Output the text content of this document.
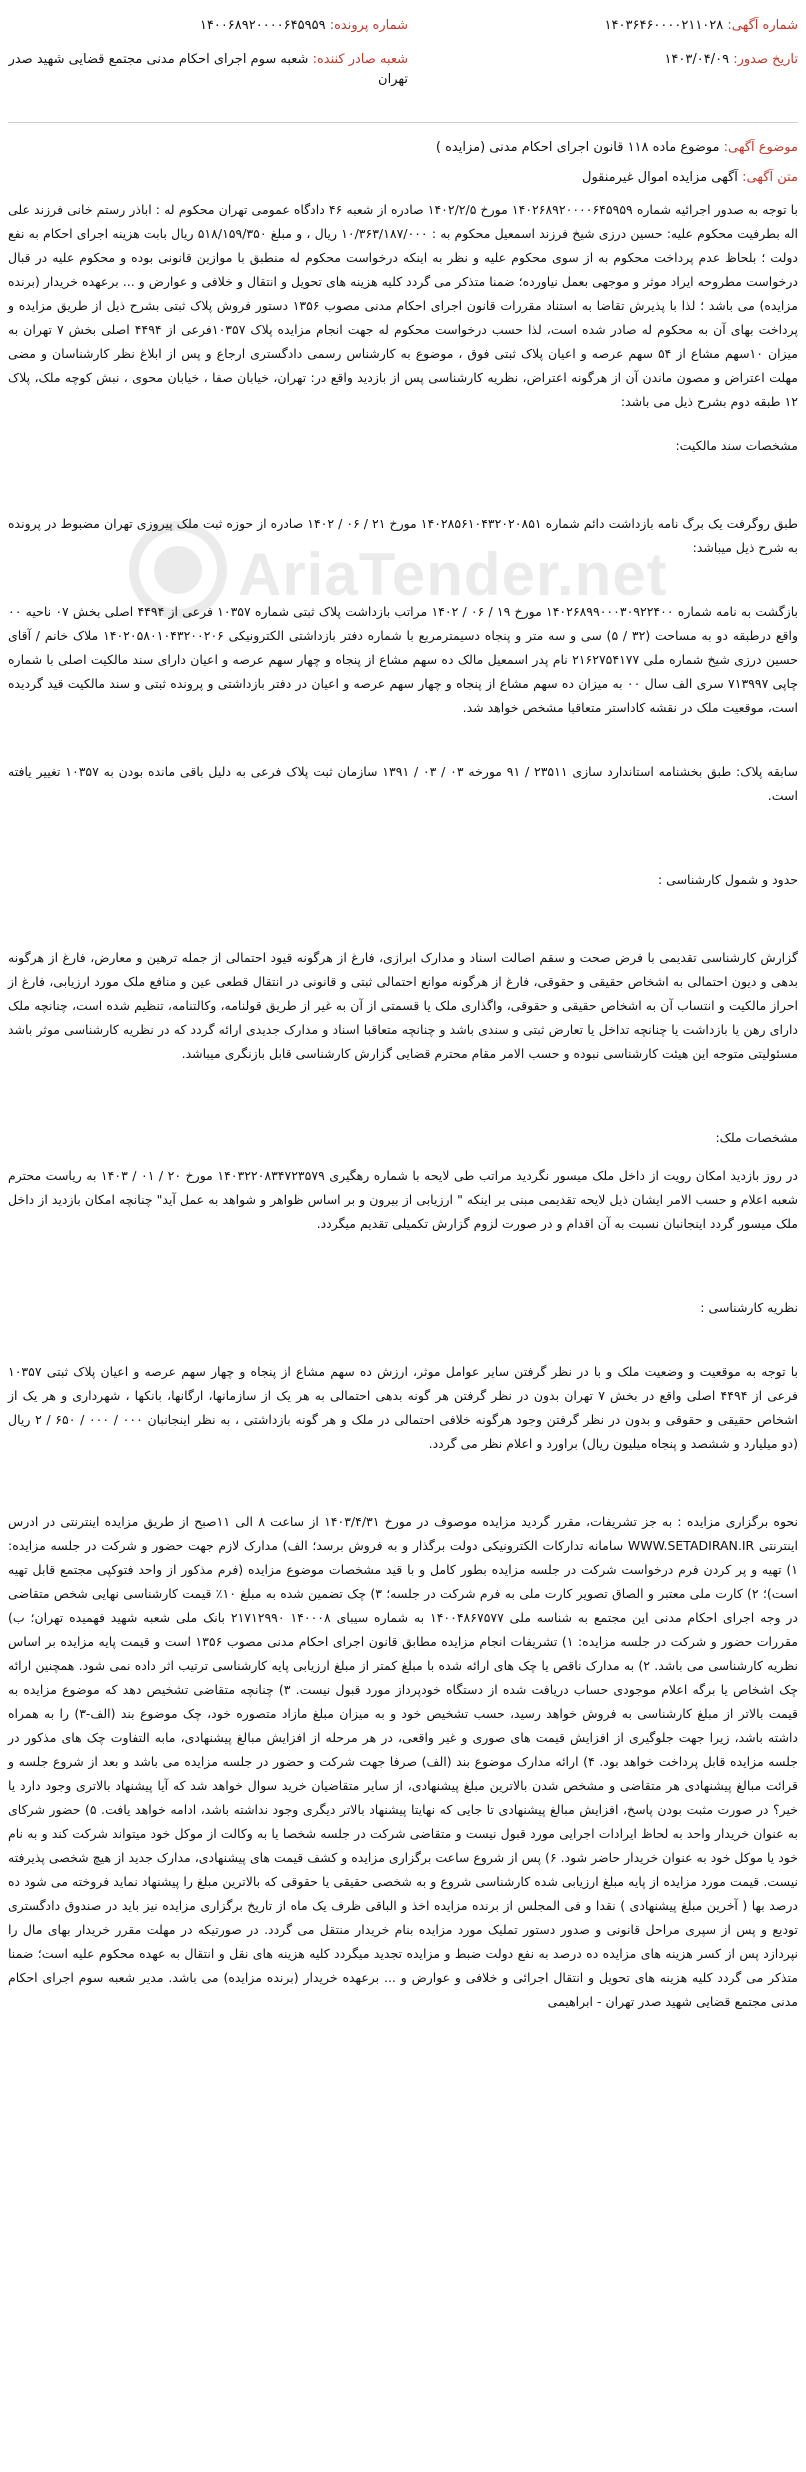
شماره آگهی: ۱۴۰۳۶۴۶۰۰۰۰۲۱۱۰۲۸
شماره پرونده: ۱۴۰۰۶۸۹۲۰۰۰۰۶۴۵۹۵۹
تاریخ صدور: ۱۴۰۳/۰۴/۰۹
شعبه صادر کننده: شعبه سوم اجرای احکام مدنی مجتمع قضایی شهید صدر تهران
موضوع آگهی: موضوع ماده ۱۱۸ قانون اجرای احکام مدنی (مزایده )
متن آگهی: آگهی مزایده اموال غیرمنقول
AriaTender.net

با توجه به صدور اجرائیه شماره ۱۴۰۲۶۸۹۲۰۰۰۰۶۴۵۹۵۹ مورخ ۱۴۰۲/۲/۵ صادره از شعبه ۴۶ دادگاه عمومی تهران محکوم له : اباذر رستم خانی فرزند علی اله بطرفیت محکوم علیه: حسین درزی شیخ فرزند اسمعیل محکوم به : ۱۰/۳۶۳/۱۸۷/۰۰۰ ریال ، و مبلغ ۵۱۸/۱۵۹/۳۵۰ ریال بابت هزینه اجرای احکام به نفع دولت ؛ بلحاظ عدم پرداخت محکوم به از سوی محکوم علیه و نظر به اینکه درخواست محکوم له منطبق با موازین قانونی بوده و محکوم علیه در قبال درخواست مطروحه ایراد موثر و موجهی بعمل نیاورده؛ ضمنا متذکر می گردد کلیه هزینه های تحویل و انتقال و خلافی و عوارض و ... برعهده خریدار (برنده مزایده) می باشد ؛ لذا با پذیرش تقاضا به استناد مقررات قانون اجرای احکام مدنی مصوب ۱۳۵۶ دستور فروش پلاک ثبتی بشرح ذیل از طریق مزایده و پرداخت بهای آن به محکوم له صادر شده است، لذا حسب درخواست محکوم له جهت انجام مزایده پلاک ۱۰۳۵۷فرعی از ۴۴۹۴ اصلی بخش ۷ تهران به میزان ۱۰سهم مشاع از ۵۴ سهم عرصه و اعیان پلاک ثبتی فوق ، موضوع به کارشناس رسمی دادگستری ارجاع و پس از ابلاغ نظر کارشناسان و مضی مهلت اعتراض و مصون ماندن آن از هرگونه اعتراض، نظریه کارشناسی پس از بازدید واقع در: تهران، خیابان صفا ، خیابان محوی ، نبش کوچه ملک، پلاک ۱۲ طبقه دوم بشرح ذیل می باشد:

مشخصات سند مالکیت:

طبق روگرفت یک برگ نامه بازداشت دائم شماره ۱۴۰۲۸۵۶۱۰۴۳۲۰۲۰۸۵۱ مورخ ۲۱ / ۰۶ / ۱۴۰۲ صادره از حوزه ثبت ملک پیروزی تهران مضبوط در پرونده به شرح ذیل میباشد:

بازگشت به نامه شماره ۱۴۰۲۶۸۹۹۰۰۰۳۰۹۲۲۴۰۰ مورخ ۱۹ / ۰۶ / ۱۴۰۲ مراتب بازداشت پلاک ثبتی شماره ۱۰۳۵۷ فرعی از ۴۴۹۴ اصلی بخش ۰۷ ناحیه ۰۰ واقع درطبقه دو به مساحت (۳۲ / ۵) سی و سه متر و پنجاه دسیمترمربع با شماره دفتر بازداشتی الکترونیکی ۱۴۰۲۰۵۸۰۱۰۴۳۲۰۰۲۰۶ ملاک خانم / آقای حسین درزی شیخ شماره ملی ۲۱۶۲۷۵۴۱۷۷ نام پدر اسمعیل مالک ده سهم مشاع از پنجاه و چهار سهم عرصه و اعیان دارای سند مالکیت اصلی با شماره چاپی ۷۱۳۹۹۷ سری الف سال ۰۰ به میزان ده سهم مشاع از پنجاه و چهار سهم عرصه و اعیان در دفتر بازداشتی و پرونده ثبتی و سند مالکیت قید گردیده است، موقعیت ملک در نقشه کاداستر متعاقبا مشخص خواهد شد.

سابقه پلاک: طبق بخشنامه استاندارد سازی ۲۳۵۱۱ / ۹۱ مورخه ۰۳ / ۰۳ / ۱۳۹۱ سازمان ثبت پلاک فرعی به دلیل باقی مانده بودن به ۱۰۳۵۷ تغییر یافته است.

حدود و شمول کارشناسی :

گزارش کارشناسی تقدیمی با فرض صحت و سقم اصالت اسناد و مدارک ابرازی، فارغ از هرگونه قیود احتمالی از جمله ترهین و معارض، فارغ از هرگونه بدهی و دیون احتمالی به اشخاص حقیقی و حقوقی، فارغ از هرگونه موانع احتمالی ثبتی و قانونی در انتقال قطعی عین و منافع ملک مورد ارزیابی، فارغ از احراز مالکیت و انتساب آن به اشخاص حقیقی و حقوقی، واگذاری ملک یا قسمتی از آن به غیر از طریق قولنامه، وکالتنامه، تنظیم شده است، چنانچه ملک دارای رهن یا بازداشت یا چنانچه تداخل یا تعارض ثبتی و سندی باشد و چنانچه متعاقبا اسناد و مدارک جدیدی ارائه گردد که در نظریه کارشناسی موثر باشد مسئولیتی متوجه این هیئت کارشناسی نبوده و حسب الامر مقام محترم قضایی گزارش کارشناسی قابل بازنگری میباشد.

مشخصات ملک:

در روز بازدید امکان رویت از داخل ملک میسور نگردید مراتب طی لایحه با شماره رهگیری ۱۴۰۳۲۲۰۸۳۴۷۲۳۵۷۹ مورخ ۲۰ / ۰۱ / ۱۴۰۳ به ریاست محترم شعبه اعلام و حسب الامر ایشان ذیل لایحه تقدیمی مبنی بر اینکه " ارزیابی از بیرون و بر اساس ظواهر و شواهد به عمل آید" چنانچه امکان بازدید از داخل ملک میسور گردد اینجانبان نسبت به آن اقدام و در صورت لزوم گزارش تکمیلی تقدیم میگردد.

نظریه کارشناسی :

با توجه به موقعیت و وضعیت ملک و با در نظر گرفتن سایر عوامل موثر، ارزش ده سهم مشاع از پنجاه و چهار سهم عرصه و اعیان پلاک ثبتی ۱۰۳۵۷ فرعی از ۴۴۹۴ اصلی واقع در بخش ۷ تهران بدون در نظر گرفتن هر گونه بدهی احتمالی به هر یک از سازمانها، ارگانها، بانکها ، شهرداری و هر یک از اشخاص حقیقی و حقوقی و بدون در نظر گرفتن وجود هرگونه خلافی احتمالی در ملک و هر گونه بازداشتی ، به نظر اینجانبان ۰۰۰ / ۰۰۰ / ۶۵۰ / ۲ ریال (دو میلیارد و ششصد و پنجاه میلیون ریال) براورد و اعلام نظر می گردد.

نحوه برگزاری مزایده : به جز تشریفات، مقرر گردید مزایده موصوف در مورخ ۱۴۰۳/۴/۳۱ از ساعت ۸ الی ۱۱صبح از طریق مزایده اینترنتی در ادرس اینترنتی WWW.SETADIRAN.IR سامانه تدارکات الکترونیکی دولت برگذار و به فروش برسد؛ الف) مدارک لازم جهت حضور و شرکت در جلسه مزایده: ۱) تهیه و پر کردن فرم درخواست شرکت در جلسه مزایده بطور کامل و با قید مشخصات موضوع مزایده (فرم مذکور از واحد فتوکپی مجتمع قابل تهیه است)؛ ۲) کارت ملی معتبر و الصاق تصویر کارت ملی به فرم شرکت در جلسه؛ ۳) چک تضمین شده به مبلغ ۱۰٪ قیمت کارشناسی نهایی شخص متقاضی در وجه اجرای احکام مدنی این مجتمع به شناسه ملی ۱۴۰۰۴۸۶۷۵۷۷ به شماره سیبای ۱۴۰۰۰۸ ۲۱۷۱۲۹۹۰ بانک ملی شعبه شهید فهمیده تهران؛ ب) مقررات حضور و شرکت در جلسه مزایده: ۱) تشریفات انجام مزایده مطابق قانون اجرای احکام مدنی مصوب ۱۳۵۶ است و قیمت پایه مزایده بر اساس نظریه کارشناسی می باشد. ۲) به مدارک ناقص یا چک های ارائه شده با مبلغ کمتر از مبلغ ارزیابی پایه کارشناسی ترتیب اثر داده نمی شود. همچنین ارائه چک اشخاص یا برگه اعلام موجودی حساب دریافت شده از دستگاه خودپرداز مورد قبول نیست. ۳) چنانچه متقاضی تشخیص دهد که موضوع مزایده به قیمت بالاتر از مبلغ کارشناسی به فروش خواهد رسید، حسب تشخیص خود و به میزان مبلغ مازاد متصوره خود، چک موضوع بند (الف-۳) را به همراه داشته باشد، زیرا جهت جلوگیری از افزایش قیمت های صوری و غیر واقعی، در هر مرحله از افزایش مبالغ پیشنهادی، مابه التفاوت چک های مذکور در جلسه مزایده قابل پرداخت خواهد بود. ۴) ارائه مدارک موضوع بند (الف) صرفا جهت شرکت و حضور در جلسه مزایده می باشد و بعد از شروع جلسه و قرائت مبالغ پیشنهادی هر متقاضی و مشخص شدن بالاترین مبلغ پیشنهادی، از سایر متقاضیان خرید سوال خواهد شد که آیا پیشنهاد بالاتری وجود دارد یا خیر؟ در صورت مثبت بودن پاسخ، افزایش مبالغ پیشنهادی تا جایی که نهایتا پیشنهاد بالاتر دیگری وجود نداشته باشد، ادامه خواهد یافت. ۵) حضور شرکای به عنوان خریدار واحد به لحاظ ایرادات اجرایی مورد قبول نیست و متقاضی شرکت در جلسه شخصا یا به وکالت از موکل خود میتواند شرکت کند و به نام خود یا موکل خود به عنوان خریدار حاضر شود. ۶) پس از شروع ساعت برگزاری مزایده و کشف قیمت های پیشنهادی، مدارک جدید از هیچ شخصی پذیرفته نیست. قیمت مورد مزایده از پایه مبلغ ارزیابی شده کارشناسی شروع و به شخصی حقیقی یا حقوقی که بالاترین مبلغ را پیشنهاد نماید فروخته می شود ده درصد بها ( آخرین مبلغ پیشنهادی ) نقدا و فی المجلس از برنده مزایده اخذ و الباقی ظرف یک ماه از تاریخ برگزاری مزایده نیز باید در صندوق دادگستری تودیع و پس از سپری مراحل قانونی و صدور دستور تملیک مورد مزایده بنام خریدار منتقل می گردد. در صورتیکه در مهلت مقرر خریدار بهای مال را نپردازد پس از کسر هزینه های مزایده ده درصد به نفع دولت ضبط و مزایده تجدید میگردد کلیه هزینه های نقل و انتقال به عهده محکوم علیه است؛ ضمنا متذکر می گردد کلیه هزینه های تحویل و انتقال اجرائی و خلافی و عوارض و ... برعهده خریدار (برنده مزایده) می باشد. مدیر شعبه سوم اجرای احکام مدنی مجتمع قضایی شهید صدر تهران - ابراهیمی
